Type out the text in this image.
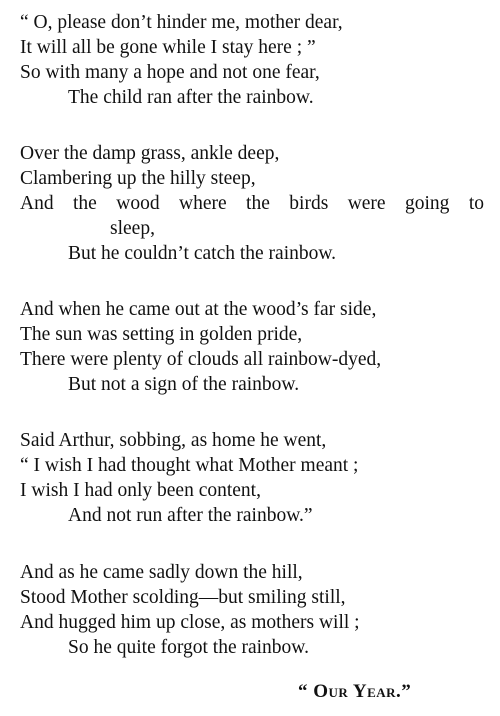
“ O, please don’t hinder me, mother dear,
It will all be gone while I stay here ; ”
So with many a hope and not one fear,
The child ran after the rainbow.
Over the damp grass, ankle deep,
Clambering up the hilly steep,
And the wood where the birds were going to
sleep,
But he couldn’t catch the rainbow.
And when he came out at the wood’s far side,
The sun was setting in golden pride,
There were plenty of clouds all rainbow-dyed,
But not a sign of the rainbow.
Said Arthur, sobbing, as home he went,
“ I wish I had thought what Mother meant ;
I wish I had only been content,
And not run after the rainbow.”
And as he came sadly down the hill,
Stood Mother scolding—but smiling still,
And hugged him up close, as mothers will ;
So he quite forgot the rainbow.
“ Our Year.”
